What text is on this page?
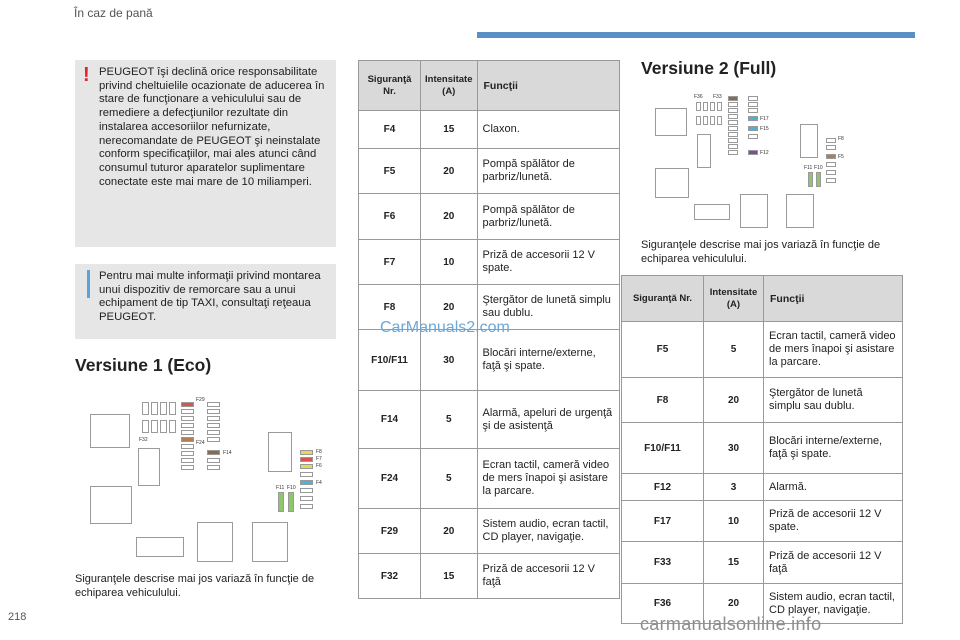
În caz de pană
! PEUGEOT îşi declină orice responsabilitate privind cheltuielile ocazionate de aducerea în stare de funcţionare a vehiculului sau de remediere a defecţiunilor rezultate din instalarea accesoriilor nefurnizate, nerecomandate de PEUGEOT şi neinstalate conform specificaţiilor, mai ales atunci când consumul tuturor aparatelor suplimentare conectate este mai mare de 10 miliamperi.
Pentru mai multe informaţii privind montarea unui dispozitiv de remorcare sau a unui echipament de tip TAXI, consultaţi reţeaua PEUGEOT.
Versiune 1 (Eco)
F29
F32	F24
F14	F8
F7
F6
F4
F11 F10
Siguranţele descrise mai jos variază în funcţie de echiparea vehiculului.
Siguranţă Nr.	Intensitate (A)	Funcţii
F4	15	Claxon.
F5	20	Pompă spălător de parbriz/lunetă.
F6	20	Pompă spălător de parbriz/lunetă.
F7	10	Priză de accesorii 12 V spate.
F8	20	Ştergător de lunetă simplu sau dublu.
F10/F11	30	Blocări interne/externe, faţă şi spate.
F14	5	Alarmă, apeluri de urgenţă şi de asistenţă
F24	5	Ecran tactil, cameră video de mers înapoi şi asistare la parcare.
F29	20	Sistem audio, ecran tactil, CD player, navigaţie.
F32	15	Priză de accesorii 12 V faţă
CarManuals2.com
Versiune 2 (Full)
F36 F33
F17
F15
F12
F8
F5
F11 F10
Siguranţele descrise mai jos variază în funcţie de echiparea vehiculului.
Siguranţă Nr.	Intensitate (A)	Funcţii
F5	5	Ecran tactil, cameră video de mers înapoi şi asistare la parcare.
F8	20	Ştergător de lunetă simplu sau dublu.
F10/F11	30	Blocări interne/externe, faţă şi spate.
F12	3	Alarmă.
F17	10	Priză de accesorii 12 V spate.
F33	15	Priză de accesorii 12 V faţă
F36	20	Sistem audio, ecran tactil, CD player, navigaţie.
218	carmanualsonline.info
